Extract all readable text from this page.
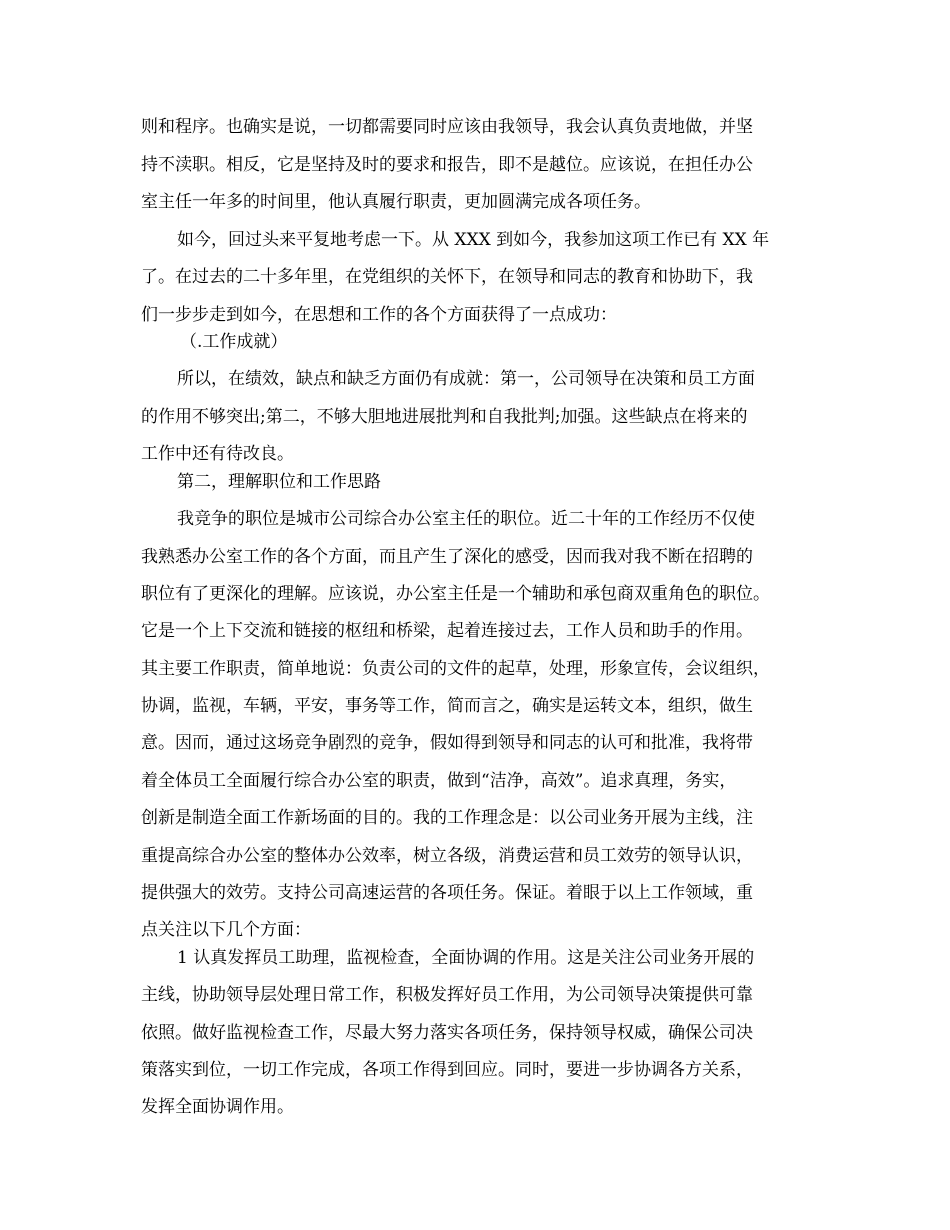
则和程序。也确实是说，一切都需要同时应该由我领导，我会认真负责地做，并坚

持不渎职。相反，它是坚持及时的要求和报告，即不是越位。应该说，在担任办公

室主任一年多的时间里，他认真履行职责，更加圆满完成各项任务。

如今，回过头来平复地考虑一下。从 XXX 到如今，我参加这项工作已有 XX 年

了。在过去的二十多年里，在党组织的关怀下，在领导和同志的教育和协助下，我

们一步步走到如今，在思想和工作的各个方面获得了一点成功：

（.工作成就）

所以，在绩效，缺点和缺乏方面仍有成就：第一，公司领导在决策和员工方面

的作用不够突出;第二，不够大胆地进展批判和自我批判;加强。这些缺点在将来的

工作中还有待改良。

第二，理解职位和工作思路

我竞争的职位是城市公司综合办公室主任的职位。近二十年的工作经历不仅使

我熟悉办公室工作的各个方面，而且产生了深化的感受，因而我对我不断在招聘的

职位有了更深化的理解。应该说，办公室主任是一个辅助和承包商双重角色的职位。

它是一个上下交流和链接的枢纽和桥梁，起着连接过去，工作人员和助手的作用。

其主要工作职责，简单地说：负责公司的文件的起草，处理，形象宣传，会议组织，

协调，监视，车辆，平安，事务等工作，简而言之，确实是运转文本，组织，做生

意。因而，通过这场竞争剧烈的竞争，假如得到领导和同志的认可和批准，我将带

着全体员工全面履行综合办公室的职责，做到“洁净，高效”。追求真理，务实，

创新是制造全面工作新场面的目的。我的工作理念是：以公司业务开展为主线，注

重提高综合办公室的整体办公效率，树立各级，消费运营和员工效劳的领导认识，

提供强大的效劳。支持公司高速运营的各项任务。保证。着眼于以上工作领域，重

点关注以下几个方面：

1 认真发挥员工助理，监视检查，全面协调的作用。这是关注公司业务开展的

主线，协助领导层处理日常工作，积极发挥好员工作用，为公司领导决策提供可靠

依照。做好监视检查工作，尽最大努力落实各项任务，保持领导权威，确保公司决

策落实到位，一切工作完成，各项工作得到回应。同时，要进一步协调各方关系，

发挥全面协调作用。
